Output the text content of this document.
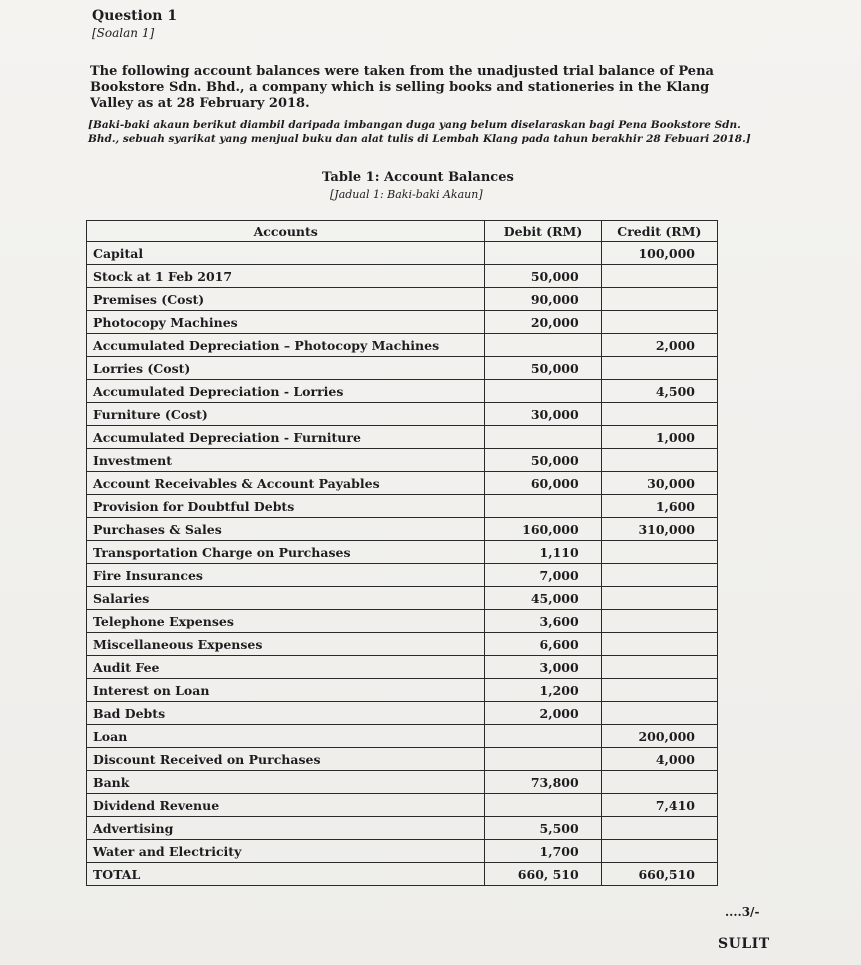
Question 1
[Soalan 1]
The following account balances were taken from the unadjusted trial balance of Pena Bookstore Sdn. Bhd., a company which is selling books and stationeries in the Klang Valley as at 28 February 2018.
[Baki-baki akaun berikut diambil daripada imbangan duga yang belum diselaraskan bagi Pena Bookstore Sdn. Bhd., sebuah syarikat yang menjual buku dan alat tulis di Lembah Klang pada tahun berakhir 28 Febuari 2018.]
Table 1: Account Balances
[Jadual 1: Baki-baki Akaun]
Accounts	Debit (RM)	Credit (RM)
Capital		100,000
Stock at 1 Feb 2017	50,000	
Premises (Cost)	90,000	
Photocopy Machines	20,000	
Accumulated Depreciation – Photocopy Machines		2,000
Lorries (Cost)	50,000	
Accumulated Depreciation - Lorries		4,500
Furniture (Cost)	30,000	
Accumulated Depreciation - Furniture		1,000
Investment	50,000	
Account Receivables & Account Payables	60,000	30,000
Provision for Doubtful Debts		1,600
Purchases & Sales	160,000	310,000
Transportation Charge on Purchases	1,110	
Fire Insurances	7,000	
Salaries	45,000	
Telephone Expenses	3,600	
Miscellaneous Expenses	6,600	
Audit Fee	3,000	
Interest on Loan	1,200	
Bad Debts	2,000	
Loan		200,000
Discount Received on Purchases		4,000
Bank	73,800	
Dividend Revenue		7,410
Advertising	5,500	
Water and Electricity	1,700	
TOTAL	660, 510	660,510
....3/-
SULIT
